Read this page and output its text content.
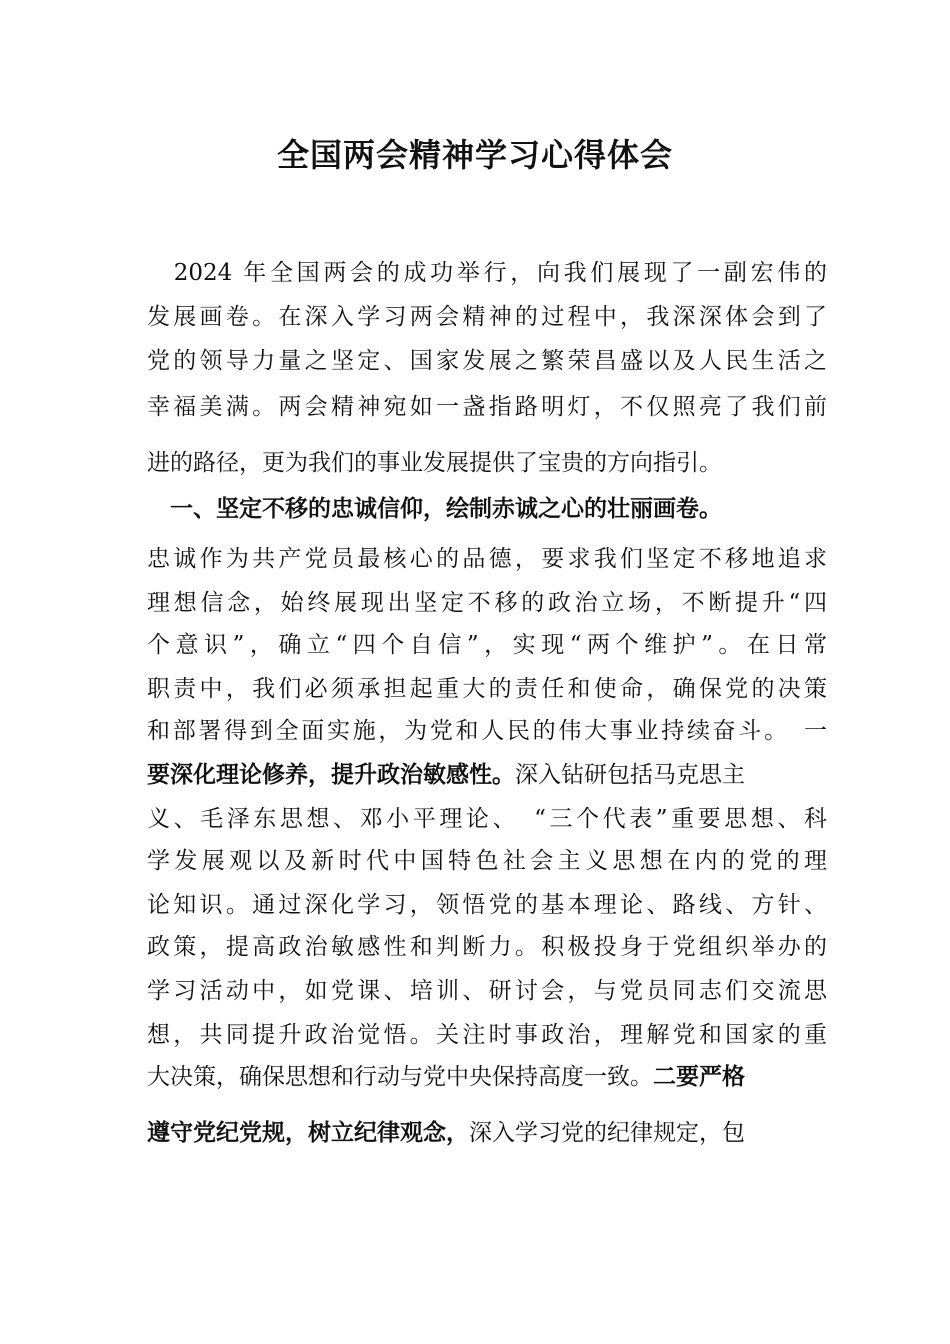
全国两会精神学习心得体会
　2024 年全国两会的成功举行，向我们展现了一副宏伟的
发展画卷。在深入学习两会精神的过程中，我深深体会到了
党的领导力量之坚定、国家发展之繁荣昌盛以及人民生活之
幸福美满。两会精神宛如一盏指路明灯，不仅照亮了我们前
进的路径，更为我们的事业发展提供了宝贵的方向指引。
　一、坚定不移的忠诚信仰，绘制赤诚之心的壮丽画卷。
忠诚作为共产党员最核心的品德，要求我们坚定不移地追求
理想信念，始终展现出坚定不移的政治立场，不断提升“四
个意识”，确立“四个自信”，实现“两个维护”。在日常
职责中，我们必须承担起重大的责任和使命，确保党的决策
和部署得到全面实施，为党和人民的伟大事业持续奋斗。　一
要深化理论修养，提升政治敏感性。深入钻研包括马克思主
义、毛泽东思想、邓小平理论、　“三个代表”重要思想、科
学发展观以及新时代中国特色社会主义思想在内的党的理
论知识。通过深化学习，领悟党的基本理论、路线、方针、
政策，提高政治敏感性和判断力。积极投身于党组织举办的
学习活动中，如党课、培训、研讨会，与党员同志们交流思
想，共同提升政治觉悟。关注时事政治，理解党和国家的重
大决策，确保思想和行动与党中央保持高度一致。二要严格
遵守党纪党规，树立纪律观念，深入学习党的纪律规定，包
